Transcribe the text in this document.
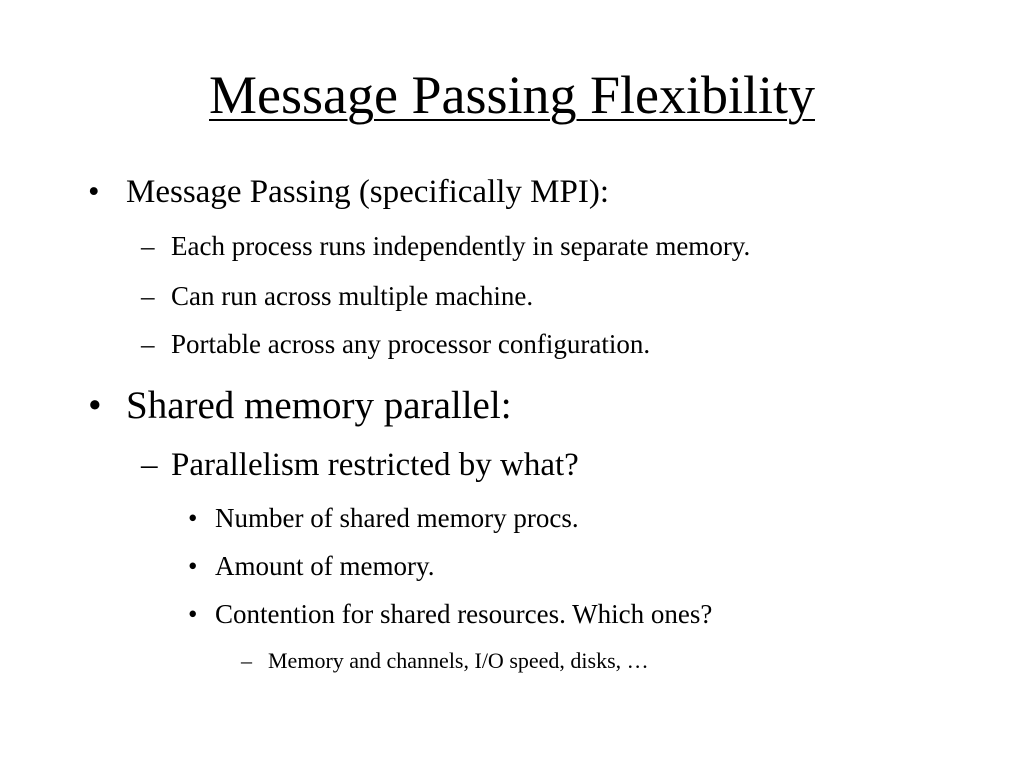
Message Passing Flexibility
• Message Passing (specifically MPI):
– Each process runs independently in separate memory.
– Can run across multiple machine.
– Portable across any processor configuration.
• Shared memory parallel:
– Parallelism restricted by what?
• Number of shared memory procs.
• Amount of memory.
• Contention for shared resources. Which ones?
– Memory and channels, I/O speed, disks, …
